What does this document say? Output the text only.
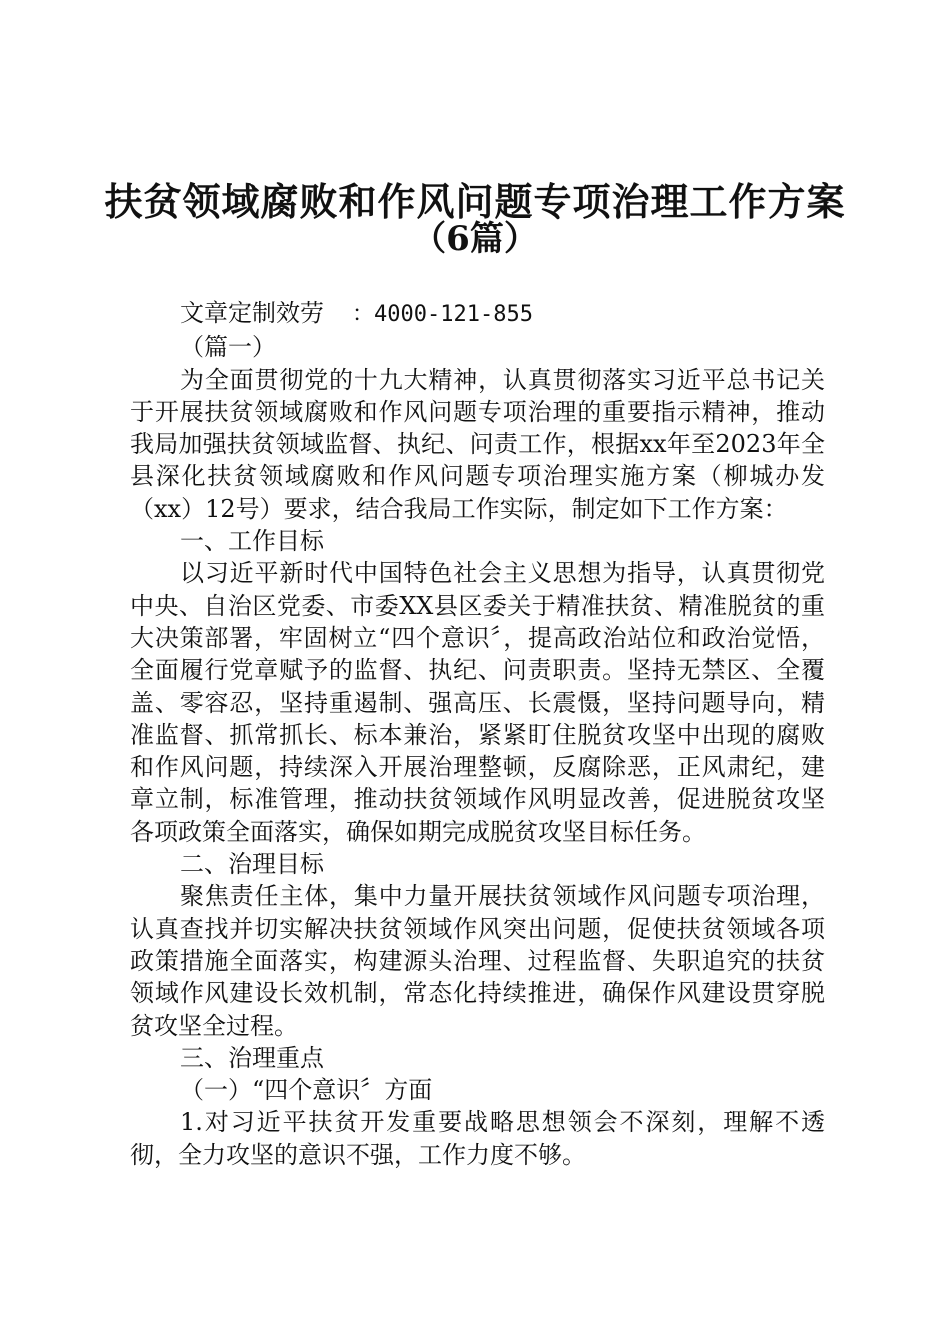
扶贫领域腐败和作风问题专项治理工作方案
（6篇）

文章定制效劳 ：4000-121-855

（篇一）

为全面贯彻党的十九大精神，认真贯彻落实习近平总书记关于开展扶贫领域腐败和作风问题专项治理的重要指示精神，推动我局加强扶贫领域监督、执纪、问责工作，根据xx年至2023年全县深化扶贫领域腐败和作风问题专项治理实施方案（柳城办发（xx）12号）要求，结合我局工作实际，制定如下工作方案：

一、工作目标

以习近平新时代中国特色社会主义思想为指导，认真贯彻党中央、自治区党委、市委XX县区委关于精准扶贫、精准脱贫的重大决策部署，牢固树立“四个意识〞，提高政治站位和政治觉悟，全面履行党章赋予的监督、执纪、问责职责。坚持无禁区、全覆盖、零容忍，坚持重遏制、强高压、长震慑，坚持问题导向，精准监督、抓常抓长、标本兼治，紧紧盯住脱贫攻坚中出现的腐败和作风问题，持续深入开展治理整顿，反腐除恶，正风肃纪，建章立制，标准管理，推动扶贫领域作风明显改善，促进脱贫攻坚各项政策全面落实，确保如期完成脱贫攻坚目标任务。

二、治理目标

聚焦责任主体，集中力量开展扶贫领域作风问题专项治理，认真查找并切实解决扶贫领域作风突出问题，促使扶贫领域各项政策措施全面落实，构建源头治理、过程监督、失职追究的扶贫领域作风建设长效机制，常态化持续推进，确保作风建设贯穿脱贫攻坚全过程。

三、治理重点

（一）“四个意识〞方面

1.对习近平扶贫开发重要战略思想领会不深刻，理解不透彻，全力攻坚的意识不强，工作力度不够。
